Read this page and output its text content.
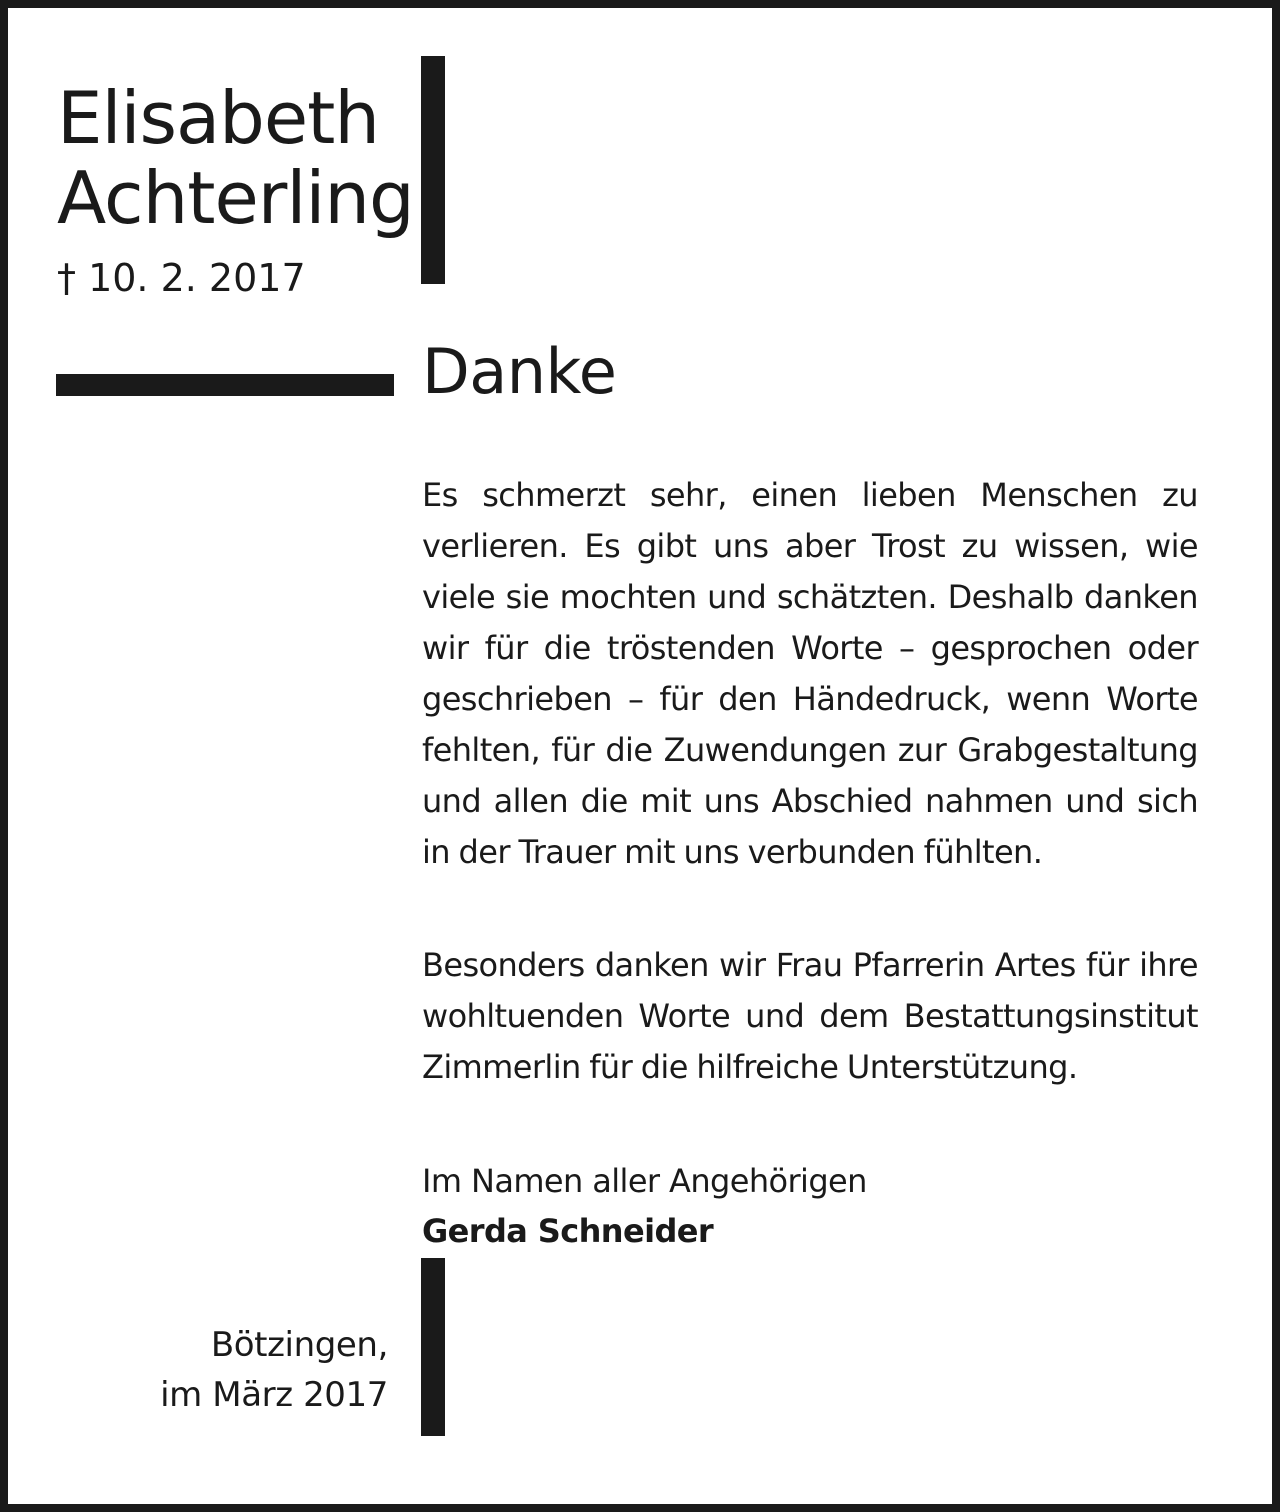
Elisabeth
Achterling
† 10. 2. 2017
Danke
Es schmerzt sehr, einen lieben Menschen zu verlieren. Es gibt uns aber Trost zu wissen, wie viele sie mochten und schätzten. Deshalb danken wir für die tröstenden Worte – gesprochen oder geschrieben – für den Händedruck, wenn Worte fehlten, für die Zuwendungen zur Grabgestaltung und allen die mit uns Abschied nahmen und sich in der Trauer mit uns verbunden fühlten.
Besonders danken wir Frau Pfarrerin Artes für ihre wohltuenden Worte und dem Bestattungsinstitut Zimmerlin für die hilfreiche Unterstützung.
Im Namen aller Angehörigen
Gerda Schneider
Bötzingen,
im März 2017
